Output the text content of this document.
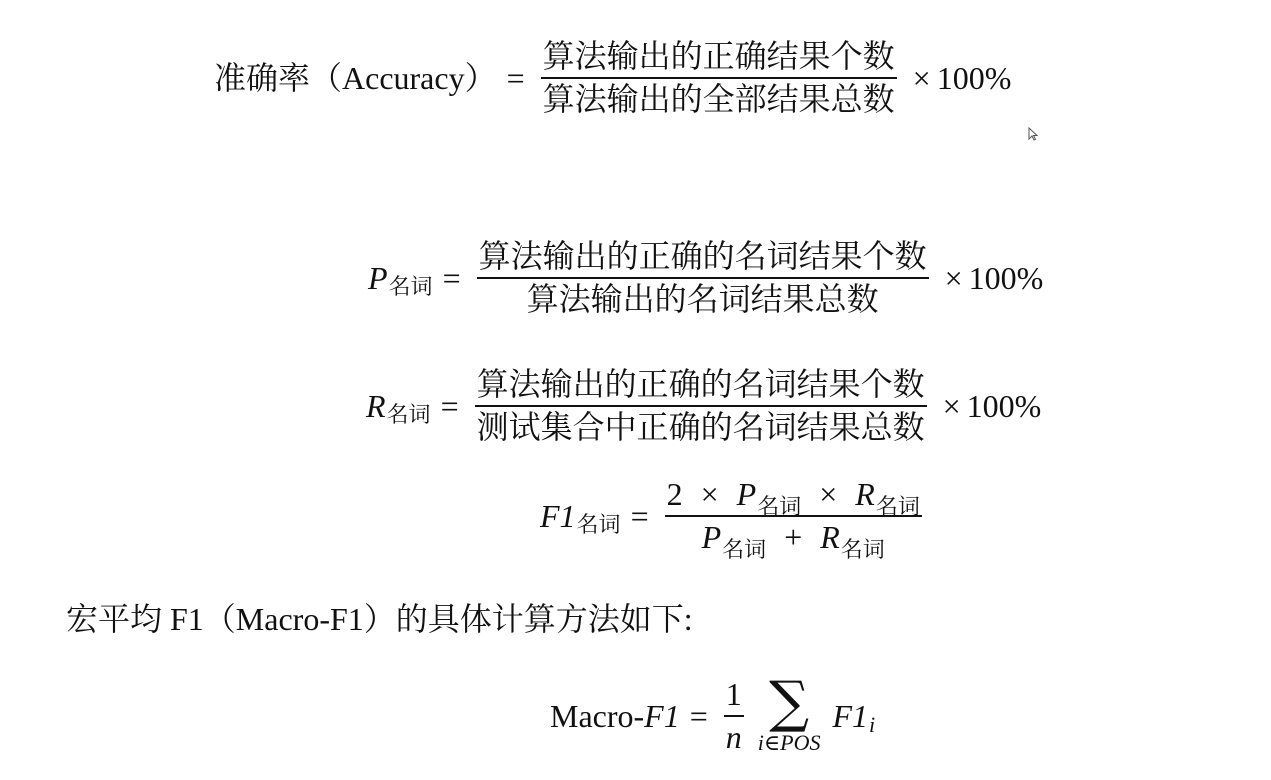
准确率（Accuracy） = $\frac{\text{算法输出的正确结果个数}}{\text{算法输出的全部结果总数}} \times 100\%$
P 名词 = $\frac{\text{算法输出的正确的名词结果个数}}{\text{算法输出的名词结果总数}} \times 100\%$
R 名词 = $\frac{\text{算法输出的正确的名词结果个数}}{\text{测试集合中正确的名词结果总数}} \times 100\%$
F1 名词 = $\frac{2 \times P_{名词} \times R_{名词}}{P_{名词} + R_{名词}}$
宏平均 F1（Macro-F1）的具体计算方法如下:
Macro- $F1 = \frac{1}{n}$ ∑
i∈POS
F1 i
